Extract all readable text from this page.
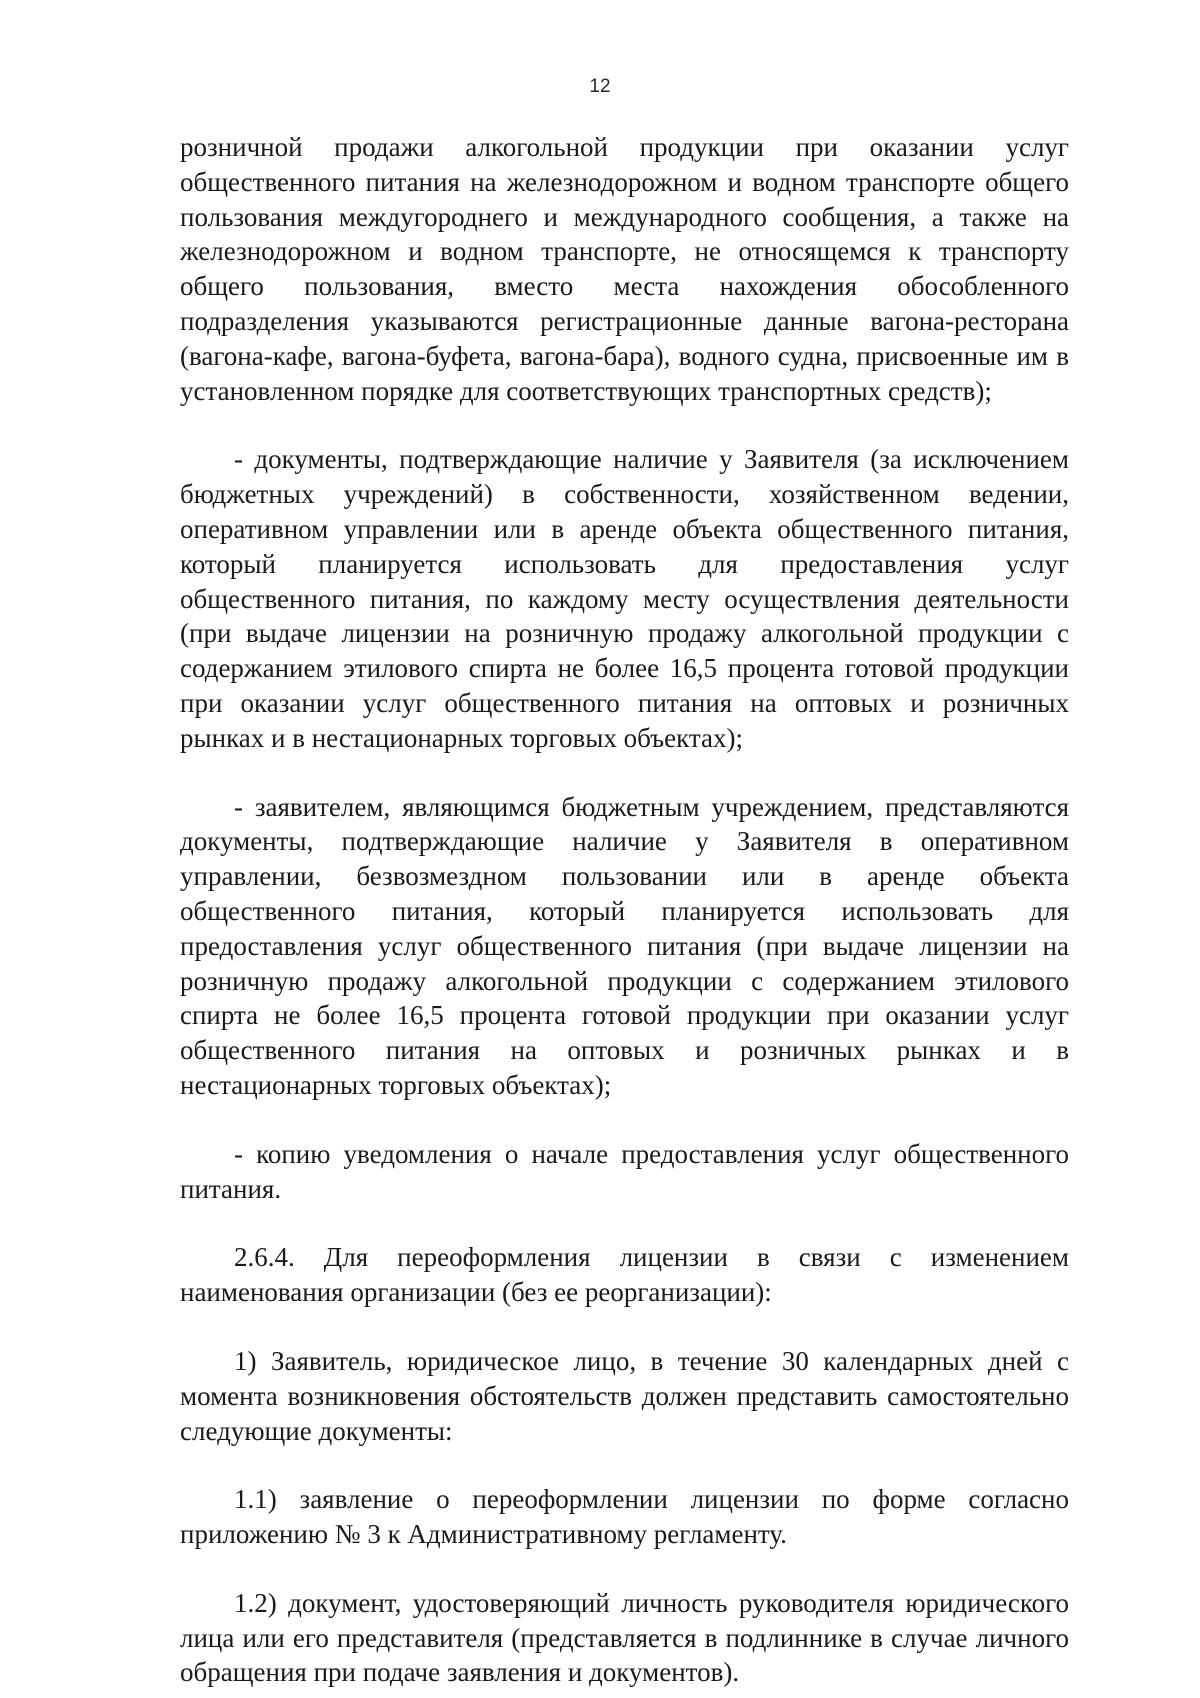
12

розничной продажи алкогольной продукции при оказании услуг общественного питания на железнодорожном и водном транспорте общего пользования междугороднего и международного сообщения, а также на железнодорожном и водном транспорте, не относящемся к транспорту общего пользования, вместо места нахождения обособленного подразделения указываются регистрационные данные вагона-ресторана (вагона-кафе, вагона-буфета, вагона-бара), водного судна, присвоенные им в установленном порядке для соответствующих транспортных средств);

- документы, подтверждающие наличие у Заявителя (за исключением бюджетных учреждений) в собственности, хозяйственном ведении, оперативном управлении или в аренде объекта общественного питания, который планируется использовать для предоставления услуг общественного питания, по каждому месту осуществления деятельности (при выдаче лицензии на розничную продажу алкогольной продукции с содержанием этилового спирта не более 16,5 процента готовой продукции при оказании услуг общественного питания на оптовых и розничных рынках и в нестационарных торговых объектах);

- заявителем, являющимся бюджетным учреждением, представляются документы, подтверждающие наличие у Заявителя в оперативном управлении, безвозмездном пользовании или в аренде объекта общественного питания, который планируется использовать для предоставления услуг общественного питания (при выдаче лицензии на розничную продажу алкогольной продукции с содержанием этилового спирта не более 16,5 процента готовой продукции при оказании услуг общественного питания на оптовых и розничных рынках и в нестационарных торговых объектах);

- копию уведомления о начале предоставления услуг общественного питания.

2.6.4. Для переоформления лицензии в связи с изменением наименования организации (без ее реорганизации):

1) Заявитель, юридическое лицо, в течение 30 календарных дней с момента возникновения обстоятельств должен представить самостоятельно следующие документы:

1.1) заявление о переоформлении лицензии по форме согласно приложению № 3 к Административному регламенту.

1.2) документ, удостоверяющий личность руководителя юридического лица или его представителя (представляется в подлиннике в случае личного обращения при подаче заявления и документов).
